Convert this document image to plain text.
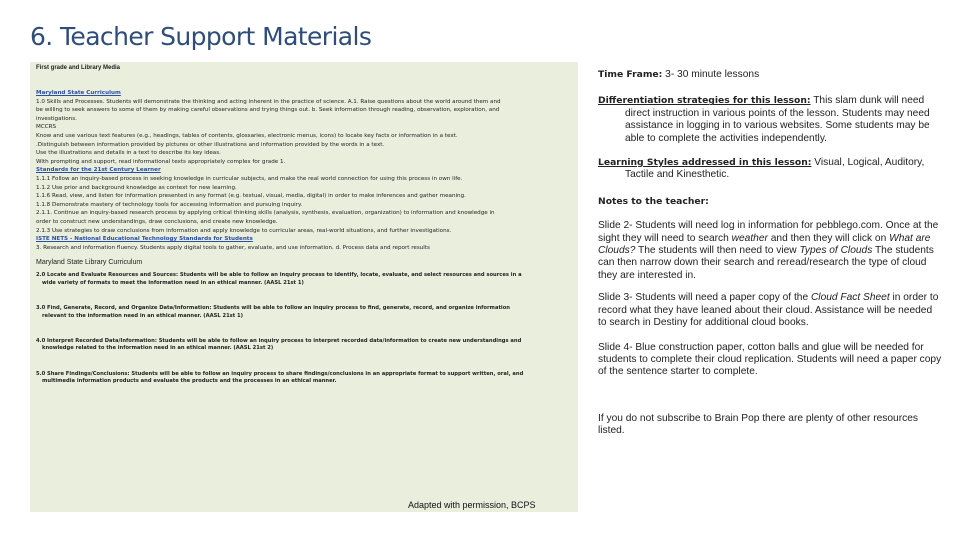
6. Teacher Support Materials

First grade and Library Media

Maryland State Curriculum
1.0 Skills and Processes. Students will demonstrate the thinking and acting inherent in the practice of science. A.1. Raise questions about the world around them and
be willing to seek answers to some of them by making careful observations and trying things out. b. Seek information through reading, observation, exploration, and
investigations.
MCCRS
Know and use various text features (e.g., headings, tables of contents, glossaries, electronic menus, icons) to locate key facts or information in a text.
.Distinguish between information provided by pictures or other illustrations and information provided by the words in a text.
Use the illustrations and details in a text to describe its key ideas.
With prompting and support, read informational texts appropriately complex for grade 1.
Standards for the 21st Century Learner
1.1.1 Follow an inquiry-based process in seeking knowledge in curricular subjects, and make the real world connection for using this process in own life.
1.1.2 Use prior and background knowledge as context for new learning.
1.1.6 Read, view, and listen for information presented in any format (e.g. textual, visual, media, digital) in order to make inferences and gather meaning.
1.1.8 Demonstrate mastery of technology tools for accessing information and pursuing inquiry.
2.1.1. Continue an inquiry-based research process by applying critical thinking skills (analysis, synthesis, evaluation, organization) to information and knowledge in
order to construct new understandings, draw conclusions, and create new knowledge.
2.1.3 Use strategies to draw conclusions from information and apply knowledge to curricular areas, real-world situations, and further investigations.
ISTE NETS - National Educational Technology Standards for Students
3. Research and information fluency. Students apply digital tools to gather, evaluate, and use information. d. Process data and report results
Maryland State Library Curriculum
2.0 Locate and Evaluate Resources and Sources: Students will be able to follow an inquiry process to identify, locate, evaluate, and select resources and sources in a
wide variety of formats to meet the information need in an ethical manner. (AASL 21st 1)
3.0 Find, Generate, Record, and Organize Data/Information: Students will be able to follow an inquiry process to find, generate, record, and organize information
relevant to the information need in an ethical manner. (AASL 21st 1)
4.0 Interpret Recorded Data/Information: Students will be able to follow an inquiry process to interpret recorded data/information to create new understandings and
knowledge related to the information need in an ethical manner. (AASL 21st 2)
5.0 Share Findings/Conclusions: Students will be able to follow an inquiry process to share findings/conclusions in an appropriate format to support written, oral, and
multimedia information products and evaluate the products and the processes in an ethical manner.
Adapted with permission, BCPS

Time Frame: 3- 30 minute lessons

Differentiation strategies for this lesson: This slam dunk will need
direct instruction in various points of the lesson. Students may need assistance in logging in to various websites. Some students may be able to complete the activities independently.

Learning Styles addressed in this lesson: Visual, Logical, Auditory,
Tactile and Kinesthetic.

Notes to the teacher:

Slide 2- Students will need log in information for pebblego.com. Once at the sight they will need to search weather and then they will click on What are Clouds? The students will then need to view Types of Clouds The students can then narrow down their search and reread/research the type of cloud they are interested in.

Slide 3- Students will need a paper copy of the Cloud Fact Sheet in order to record what they have leaned about their cloud. Assistance will be needed to search in Destiny for additional cloud books.

Slide 4- Blue construction paper, cotton balls and glue will be needed for students to complete their cloud replication. Students will need a paper copy of the sentence starter to complete.

If you do not subscribe to Brain Pop there are plenty of other resources listed.
